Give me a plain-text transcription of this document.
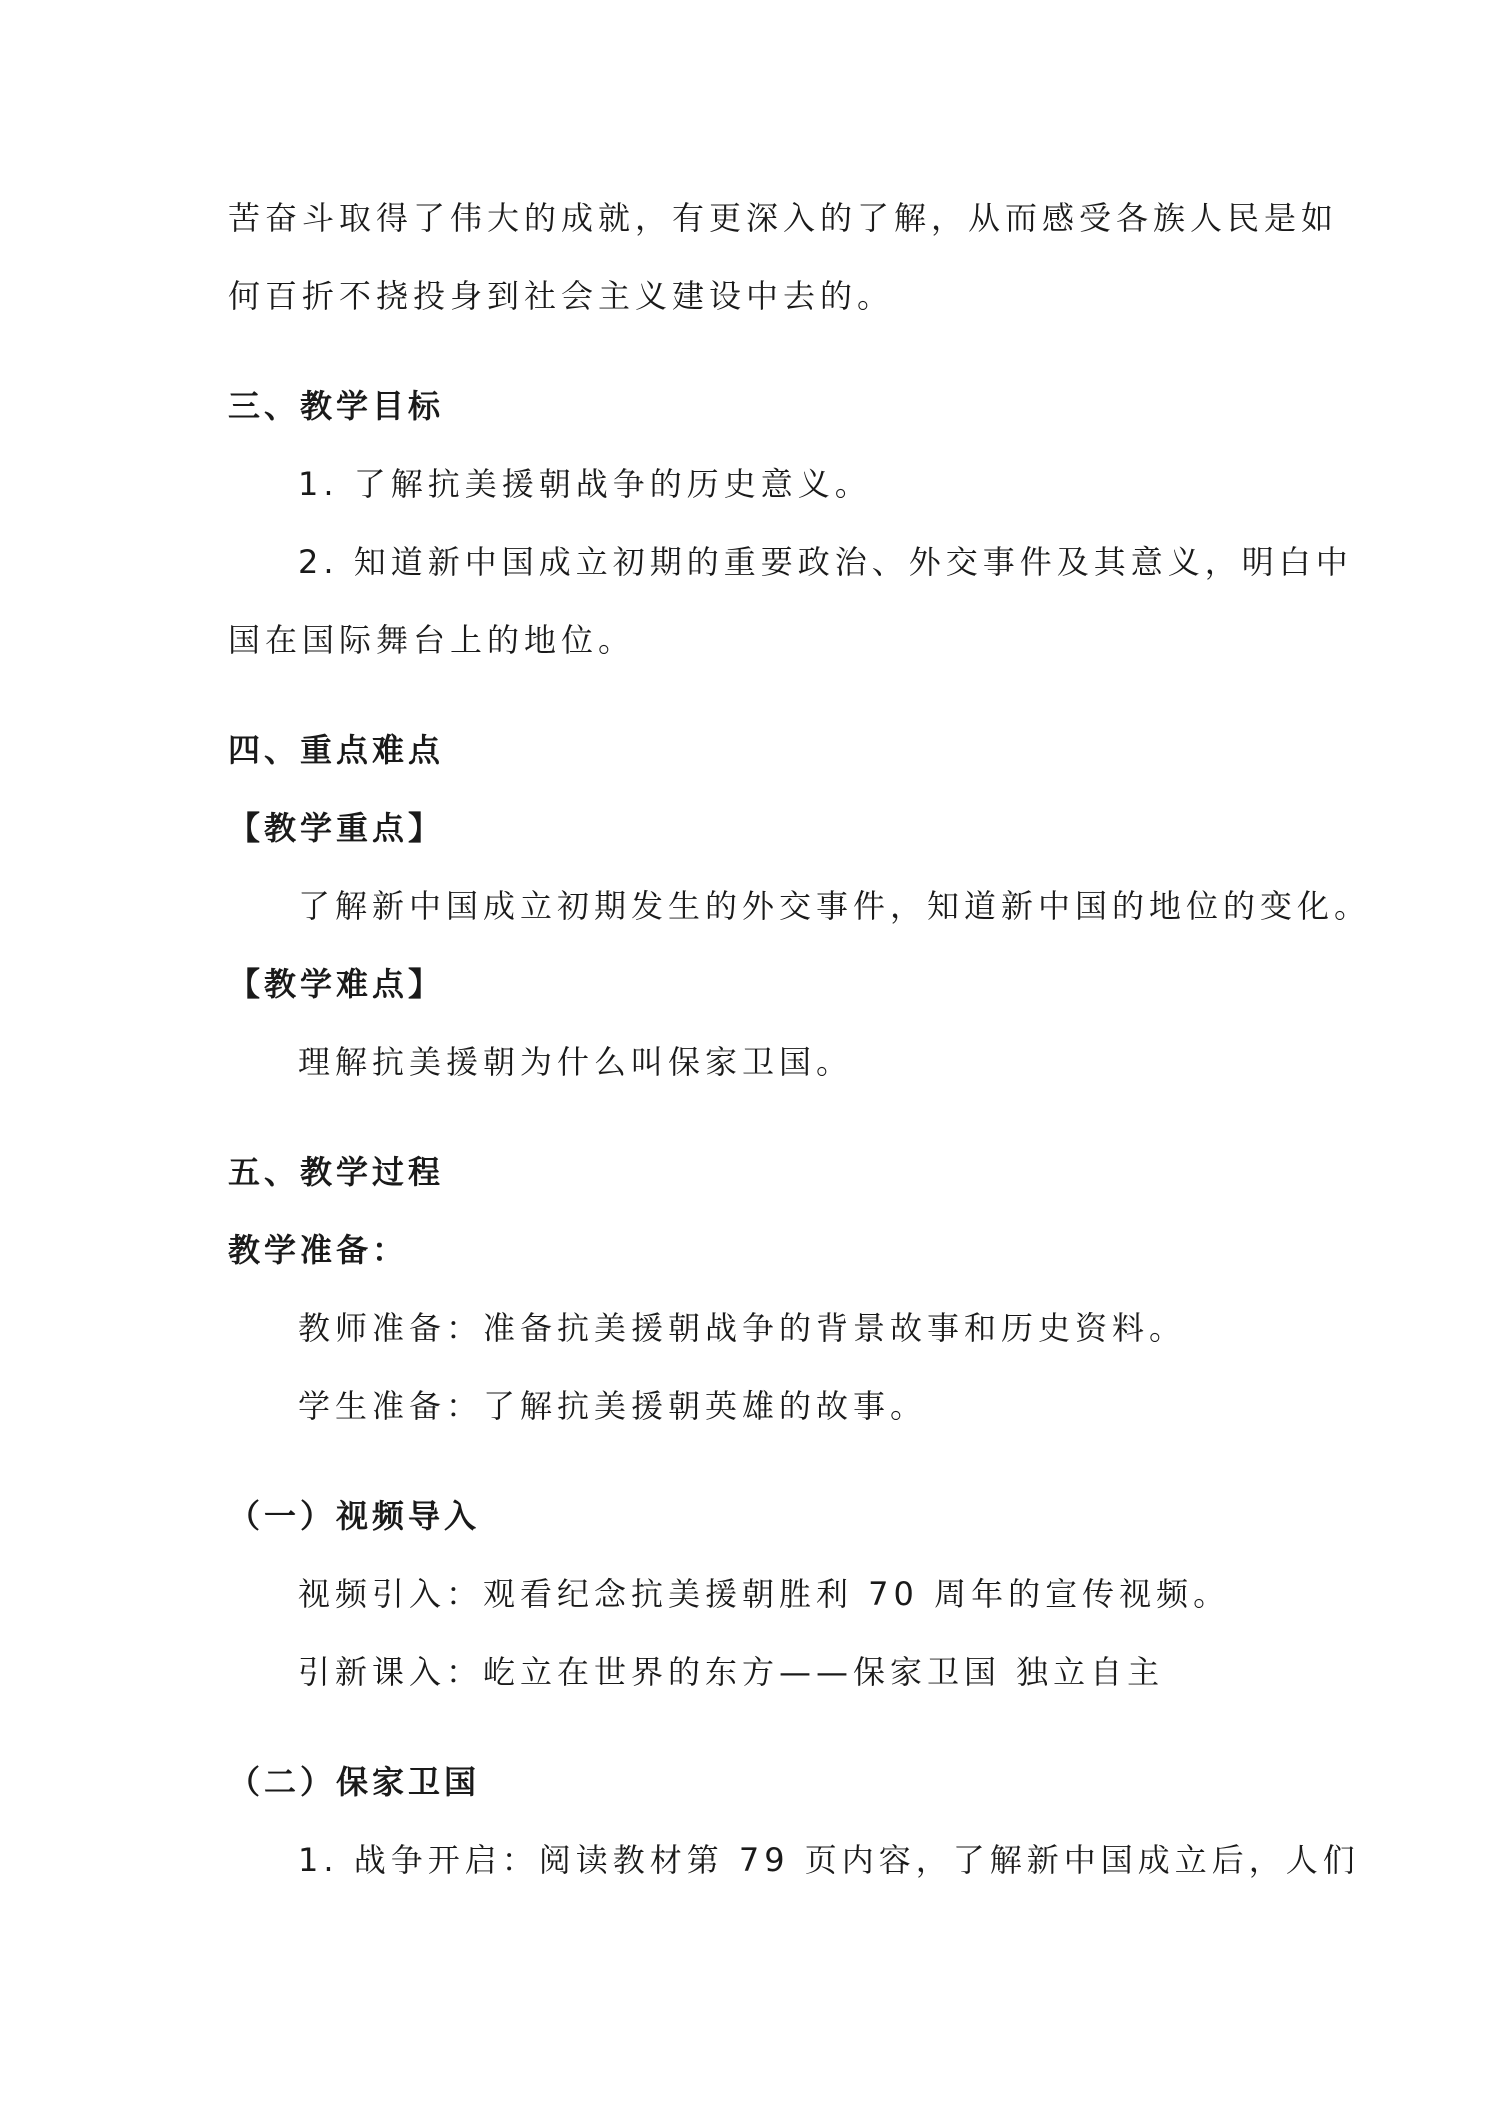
苦奋斗取得了伟大的成就，有更深入的了解，从而感受各族人民是如

何百折不挠投身到社会主义建设中去的。

三、教学目标

1. 了解抗美援朝战争的历史意义。

2. 知道新中国成立初期的重要政治、外交事件及其意义，明白中

国在国际舞台上的地位。

四、重点难点

【教学重点】

了解新中国成立初期发生的外交事件，知道新中国的地位的变化。

【教学难点】

理解抗美援朝为什么叫保家卫国。

五、教学过程

教学准备：

教师准备：准备抗美援朝战争的背景故事和历史资料。

学生准备：了解抗美援朝英雄的故事。

（一）视频导入

视频引入：观看纪念抗美援朝胜利 70 周年的宣传视频。

引新课入：屹立在世界的东方——保家卫国 独立自主

（二）保家卫国

1. 战争开启：阅读教材第 79 页内容，了解新中国成立后，人们
